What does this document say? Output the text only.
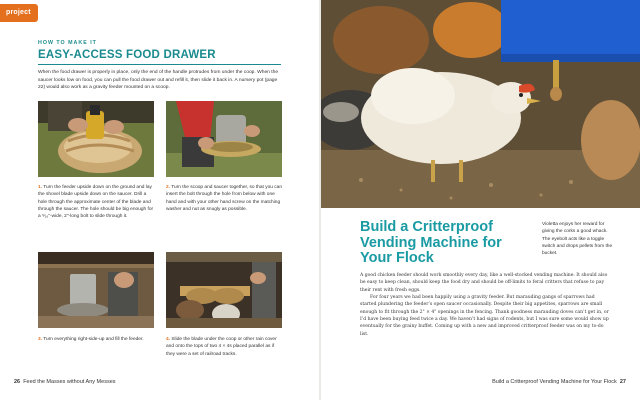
project
HOW TO MAKE IT
EASY-ACCESS FOOD DRAWER
When the food drawer is properly in place, only the end of the handle protrudes from under the coop. When the saucer looks low on food, you can pull the food drawer out and refill it, then slide it back in. A nursery pot (page 22) would also work as a gravity feeder mounted on a scoop.
1. Turn the feeder upside down on the ground and lay the shovel blade upside down on the saucer. Drill a hole through the approximate center of the blade and through the saucer. The hole should be big enough for a ⁵⁄₁₆"-wide, 2"-long bolt to slide through it.
2. Turn the scoop and saucer together, so that you can insert the bolt through the hole from below with one hand and with your other hand screw on the matching washer and nut as snugly as possible.
3. Turn everything right-side-up and fill the feeder.	4. Slide the blade under the coop or other rain cover and onto the tops of two 4 × 4s placed parallel as if they were a set of railroad tracks.
26 Feed the Masses without Any Messes
Build a Critterproof Vending Machine for Your Flock
Violetta enjoys her reward for giving the corks a good whack. The eyebolt acts like a toggle switch and drops pellets from the bucket.

A good chicken feeder should work smoothly every day, like a well-stocked vending machine. It should also be easy to keep clean, should keep the food dry and should be off-limits to feral critters that refuse to pay their rent with fresh eggs.

For four years we had been happily using a gravity feeder. But marauding gangs of sparrows had started plundering the feeder’s open saucer occasionally. Despite their big appetites, sparrows are small enough to fit through the 2" × 4" openings in the fencing. Thank goodness marauding doves can’t get in, or I’d have been buying feed twice a day. We haven’t had signs of rodents, but I was sure some would show up eventually for the grainy buffet. Coming up with a new and improved critterproof feeder was on my to-do list.

Build a Critterproof Vending Machine for Your Flock 27
